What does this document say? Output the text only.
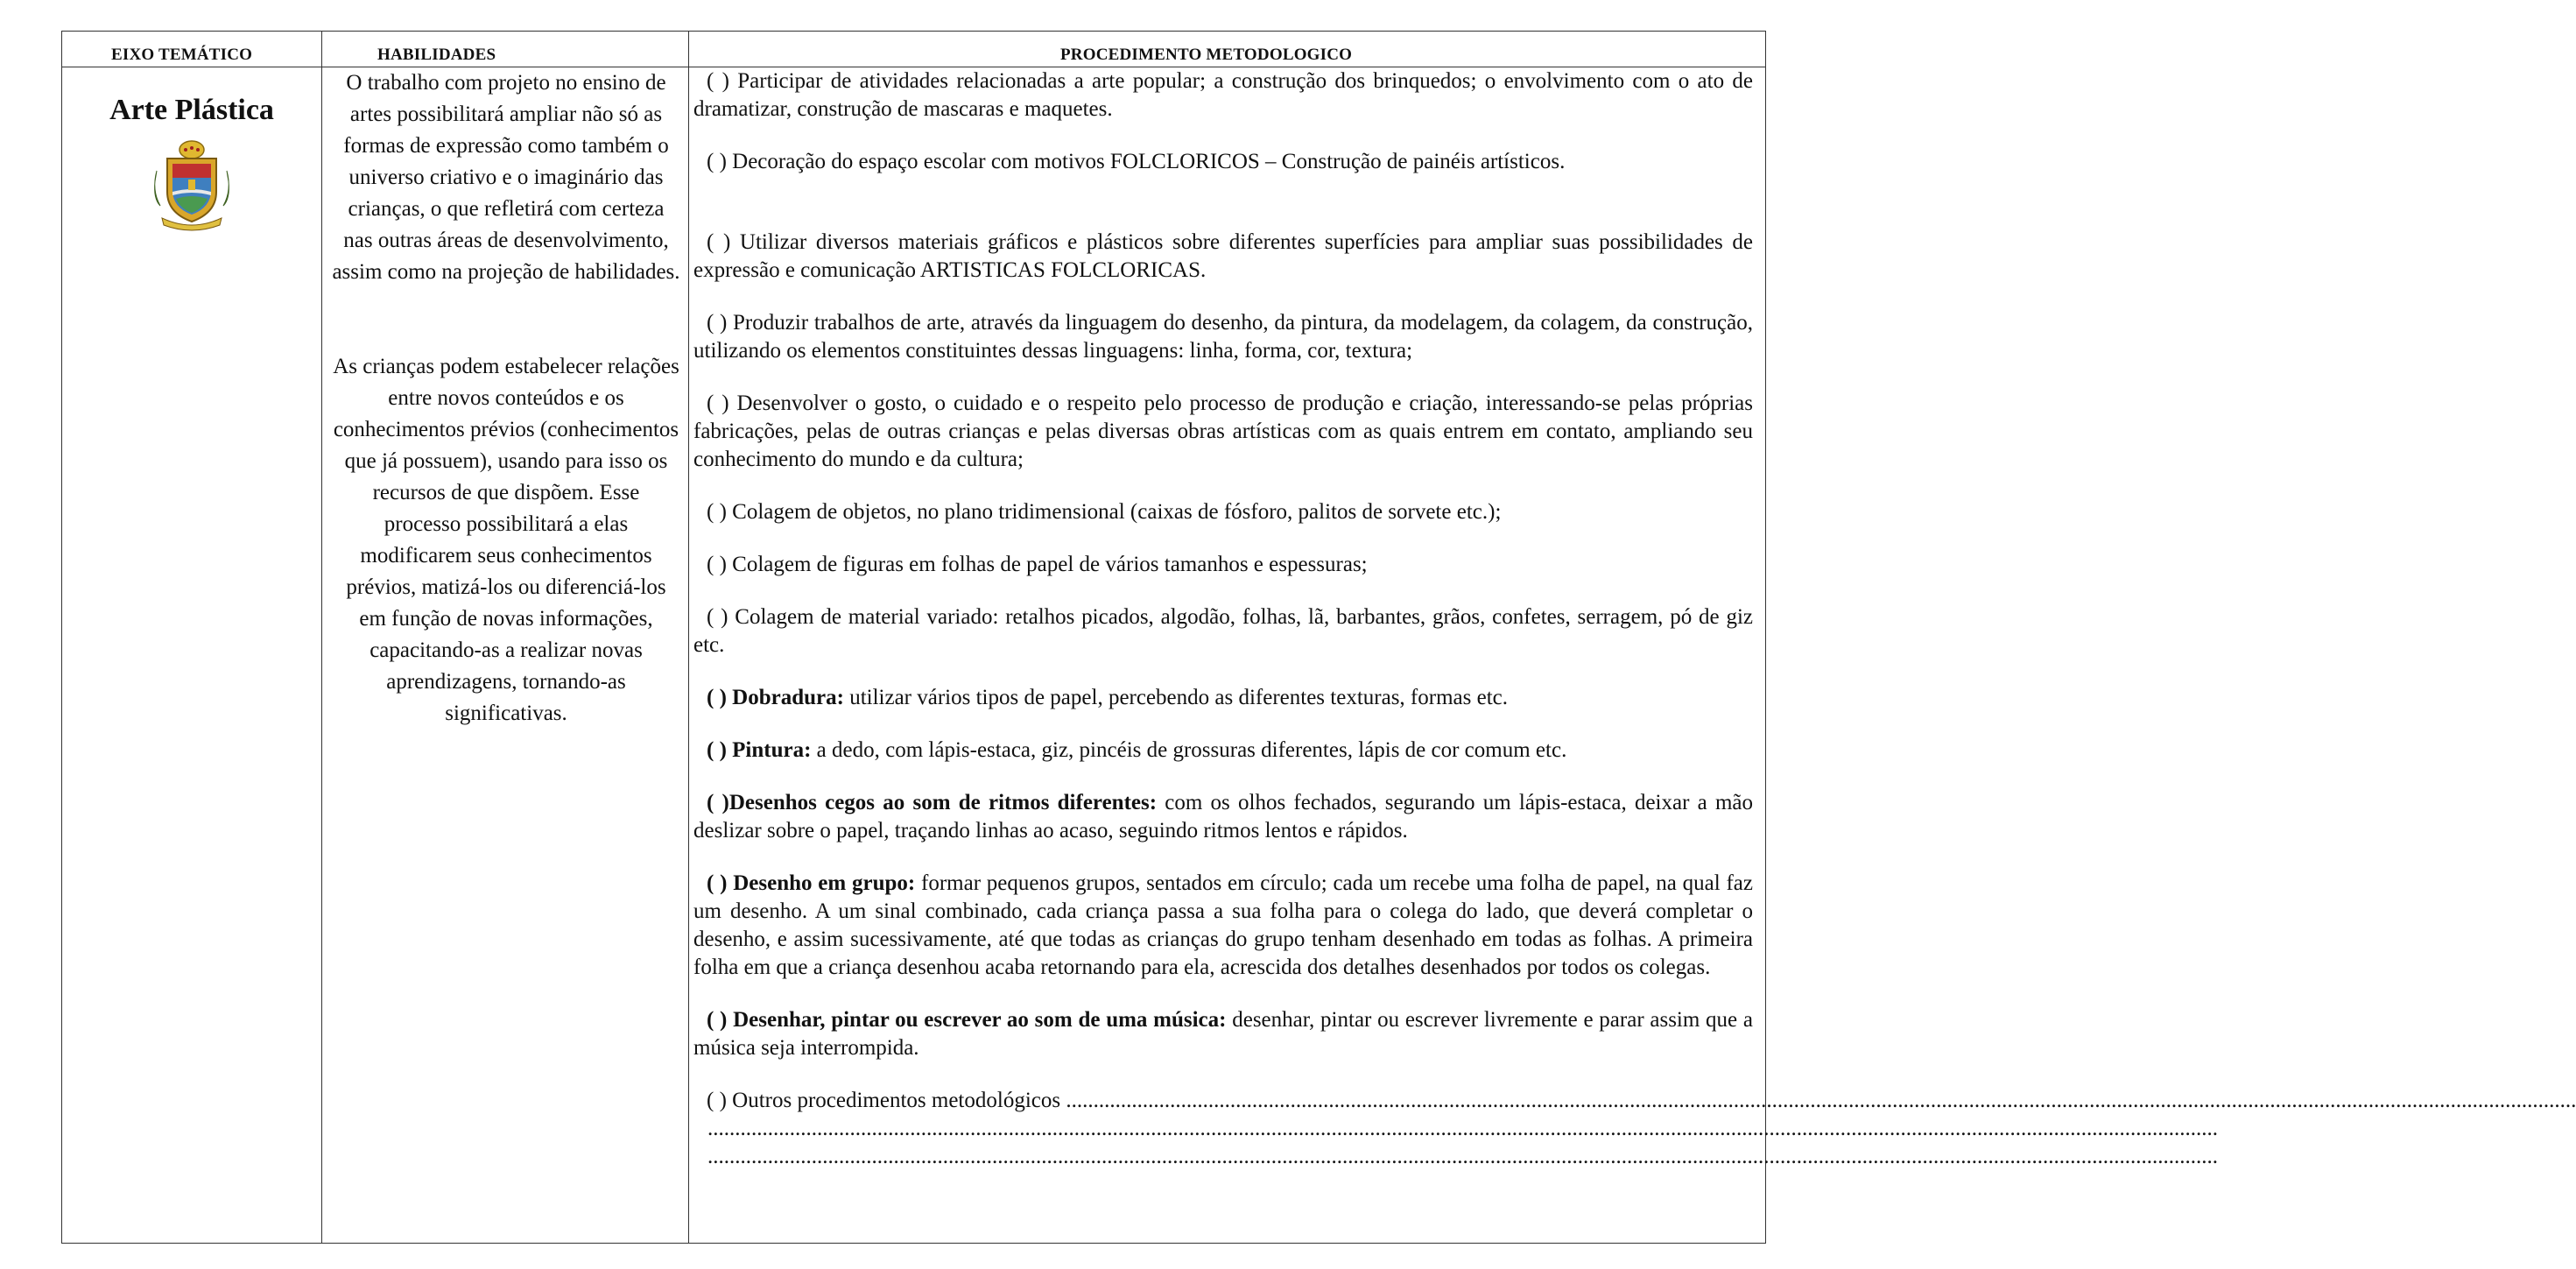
EIXO TEMÁTICO	HABILIDADES	PROCEDIMENTO METODOLOGICO
Arte Plástica

O trabalho com projeto no ensino de artes possibilitará ampliar não só as formas de expressão como também o universo criativo e o imaginário das crianças, o que refletirá com certeza nas outras áreas de desenvolvimento, assim como na projeção de habilidades.

As crianças podem estabelecer relações entre novos conteúdos e os conhecimentos prévios (conhecimentos que já possuem), usando para isso os recursos de que dispõem. Esse processo possibilitará a elas modificarem seus conhecimentos prévios, matizá-los ou diferenciá-los em função de novas informações, capacitando-as a realizar novas aprendizagens, tornando-as significativas.

( ) Participar de atividades relacionadas a arte popular; a construção dos brinquedos; o envolvimento com o ato de dramatizar, construção de mascaras e maquetes.
( ) Decoração do espaço escolar com motivos FOLCLORICOS – Construção de painéis artísticos.
( ) Utilizar diversos materiais gráficos e plásticos sobre diferentes superfícies para ampliar suas possibilidades de expressão e comunicação ARTISTICAS FOLCLORICAS.
( ) Produzir trabalhos de arte, através da linguagem do desenho, da pintura, da modelagem, da colagem, da construção, utilizando os elementos constituintes dessas linguagens: linha, forma, cor, textura;
( ) Desenvolver o gosto, o cuidado e o respeito pelo processo de produção e criação, interessando-se pelas próprias fabricações, pelas de outras crianças e pelas diversas obras artísticas com as quais entrem em contato, ampliando seu conhecimento do mundo e da cultura;
( ) Colagem de objetos, no plano tridimensional (caixas de fósforo, palitos de sorvete etc.);
( ) Colagem de figuras em folhas de papel de vários tamanhos e espessuras;
( ) Colagem de material variado: retalhos picados, algodão, folhas, lã, barbantes, grãos, confetes, serragem, pó de giz etc.
( ) Dobradura: utilizar vários tipos de papel, percebendo as diferentes texturas, formas etc.
( ) Pintura: a dedo, com lápis-estaca, giz, pincéis de grossuras diferentes, lápis de cor comum etc.
( )Desenhos cegos ao som de ritmos diferentes: com os olhos fechados, segurando um lápis-estaca, deixar a mão deslizar sobre o papel, traçando linhas ao acaso, seguindo ritmos lentos e rápidos.
( ) Desenho em grupo: formar pequenos grupos, sentados em círculo; cada um recebe uma folha de papel, na qual faz um desenho. A um sinal combinado, cada criança passa a sua folha para o colega do lado, que deverá completar o desenho, e assim sucessivamente, até que todas as crianças do grupo tenham desenhado em todas as folhas. A primeira folha em que a criança desenhou acaba retornando para ela, acrescida dos detalhes desenhados por todos os colegas.
( ) Desenhar, pintar ou escrever ao som de uma música: desenhar, pintar ou escrever livremente e parar assim que a música seja interrompida.
( ) Outros procedimentos metodológicos ....................................................................................................................................................................................................................................................................................
....................................................................................................................................................................................................................................................................................
....................................................................................................................................................................................................................................................................................
